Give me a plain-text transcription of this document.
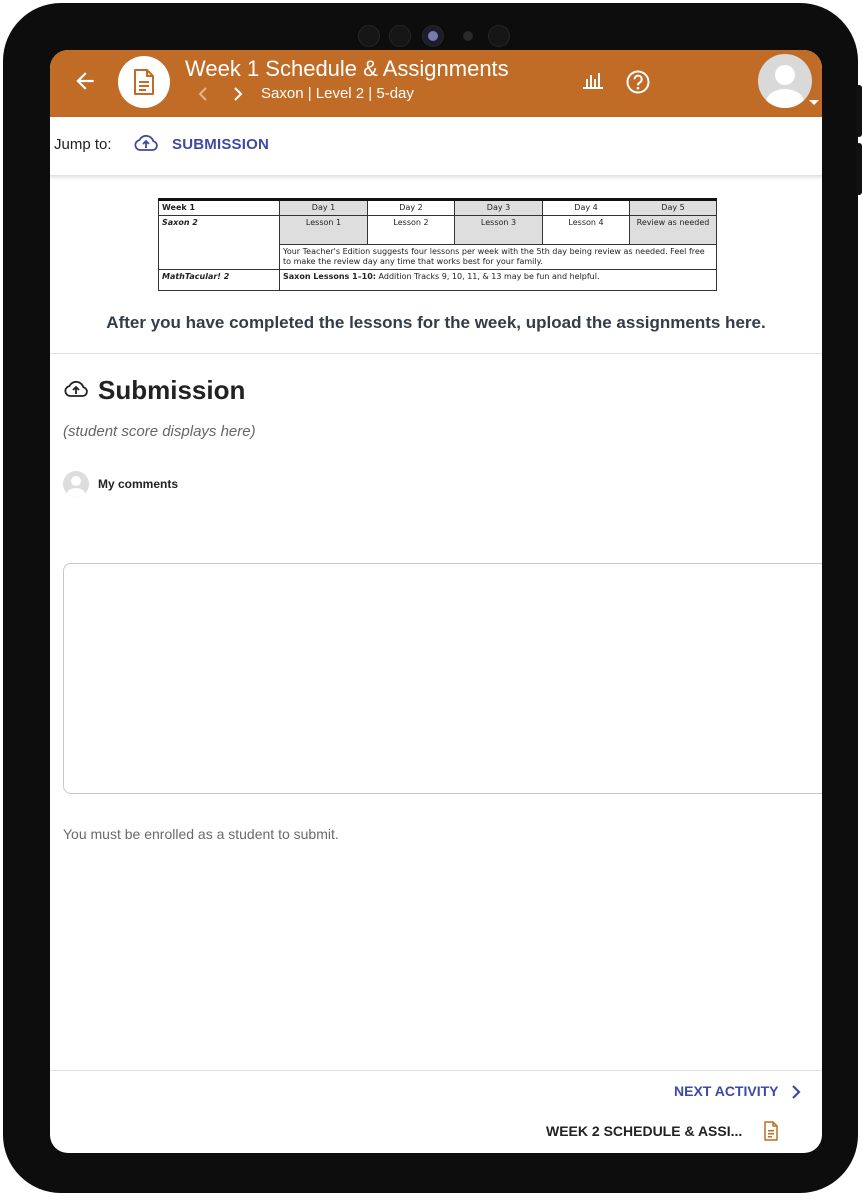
Week 1 Schedule & Assignments
Saxon | Level 2 | 5-day
Jump to:	SUBMISSION
Week 1	Day 1	Day 2	Day 3	Day 4	Day 5
Saxon 2	Lesson 1	Lesson 2	Lesson 3	Lesson 4	Review as needed
	Your Teacher's Edition suggests four lessons per week with the 5th day being review as needed. Feel free to make the review day any time that works best for your family.				
MathTacular! 2	Saxon Lessons 1–10: Addition Tracks 9, 10, 11, & 13 may be fun and helpful.				
After you have completed the lessons for the week, upload the assignments here.
Submission
(student score displays here)
My comments
You must be enrolled as a student to submit.
NEXT ACTIVITY
WEEK 2 SCHEDULE & ASSI...
